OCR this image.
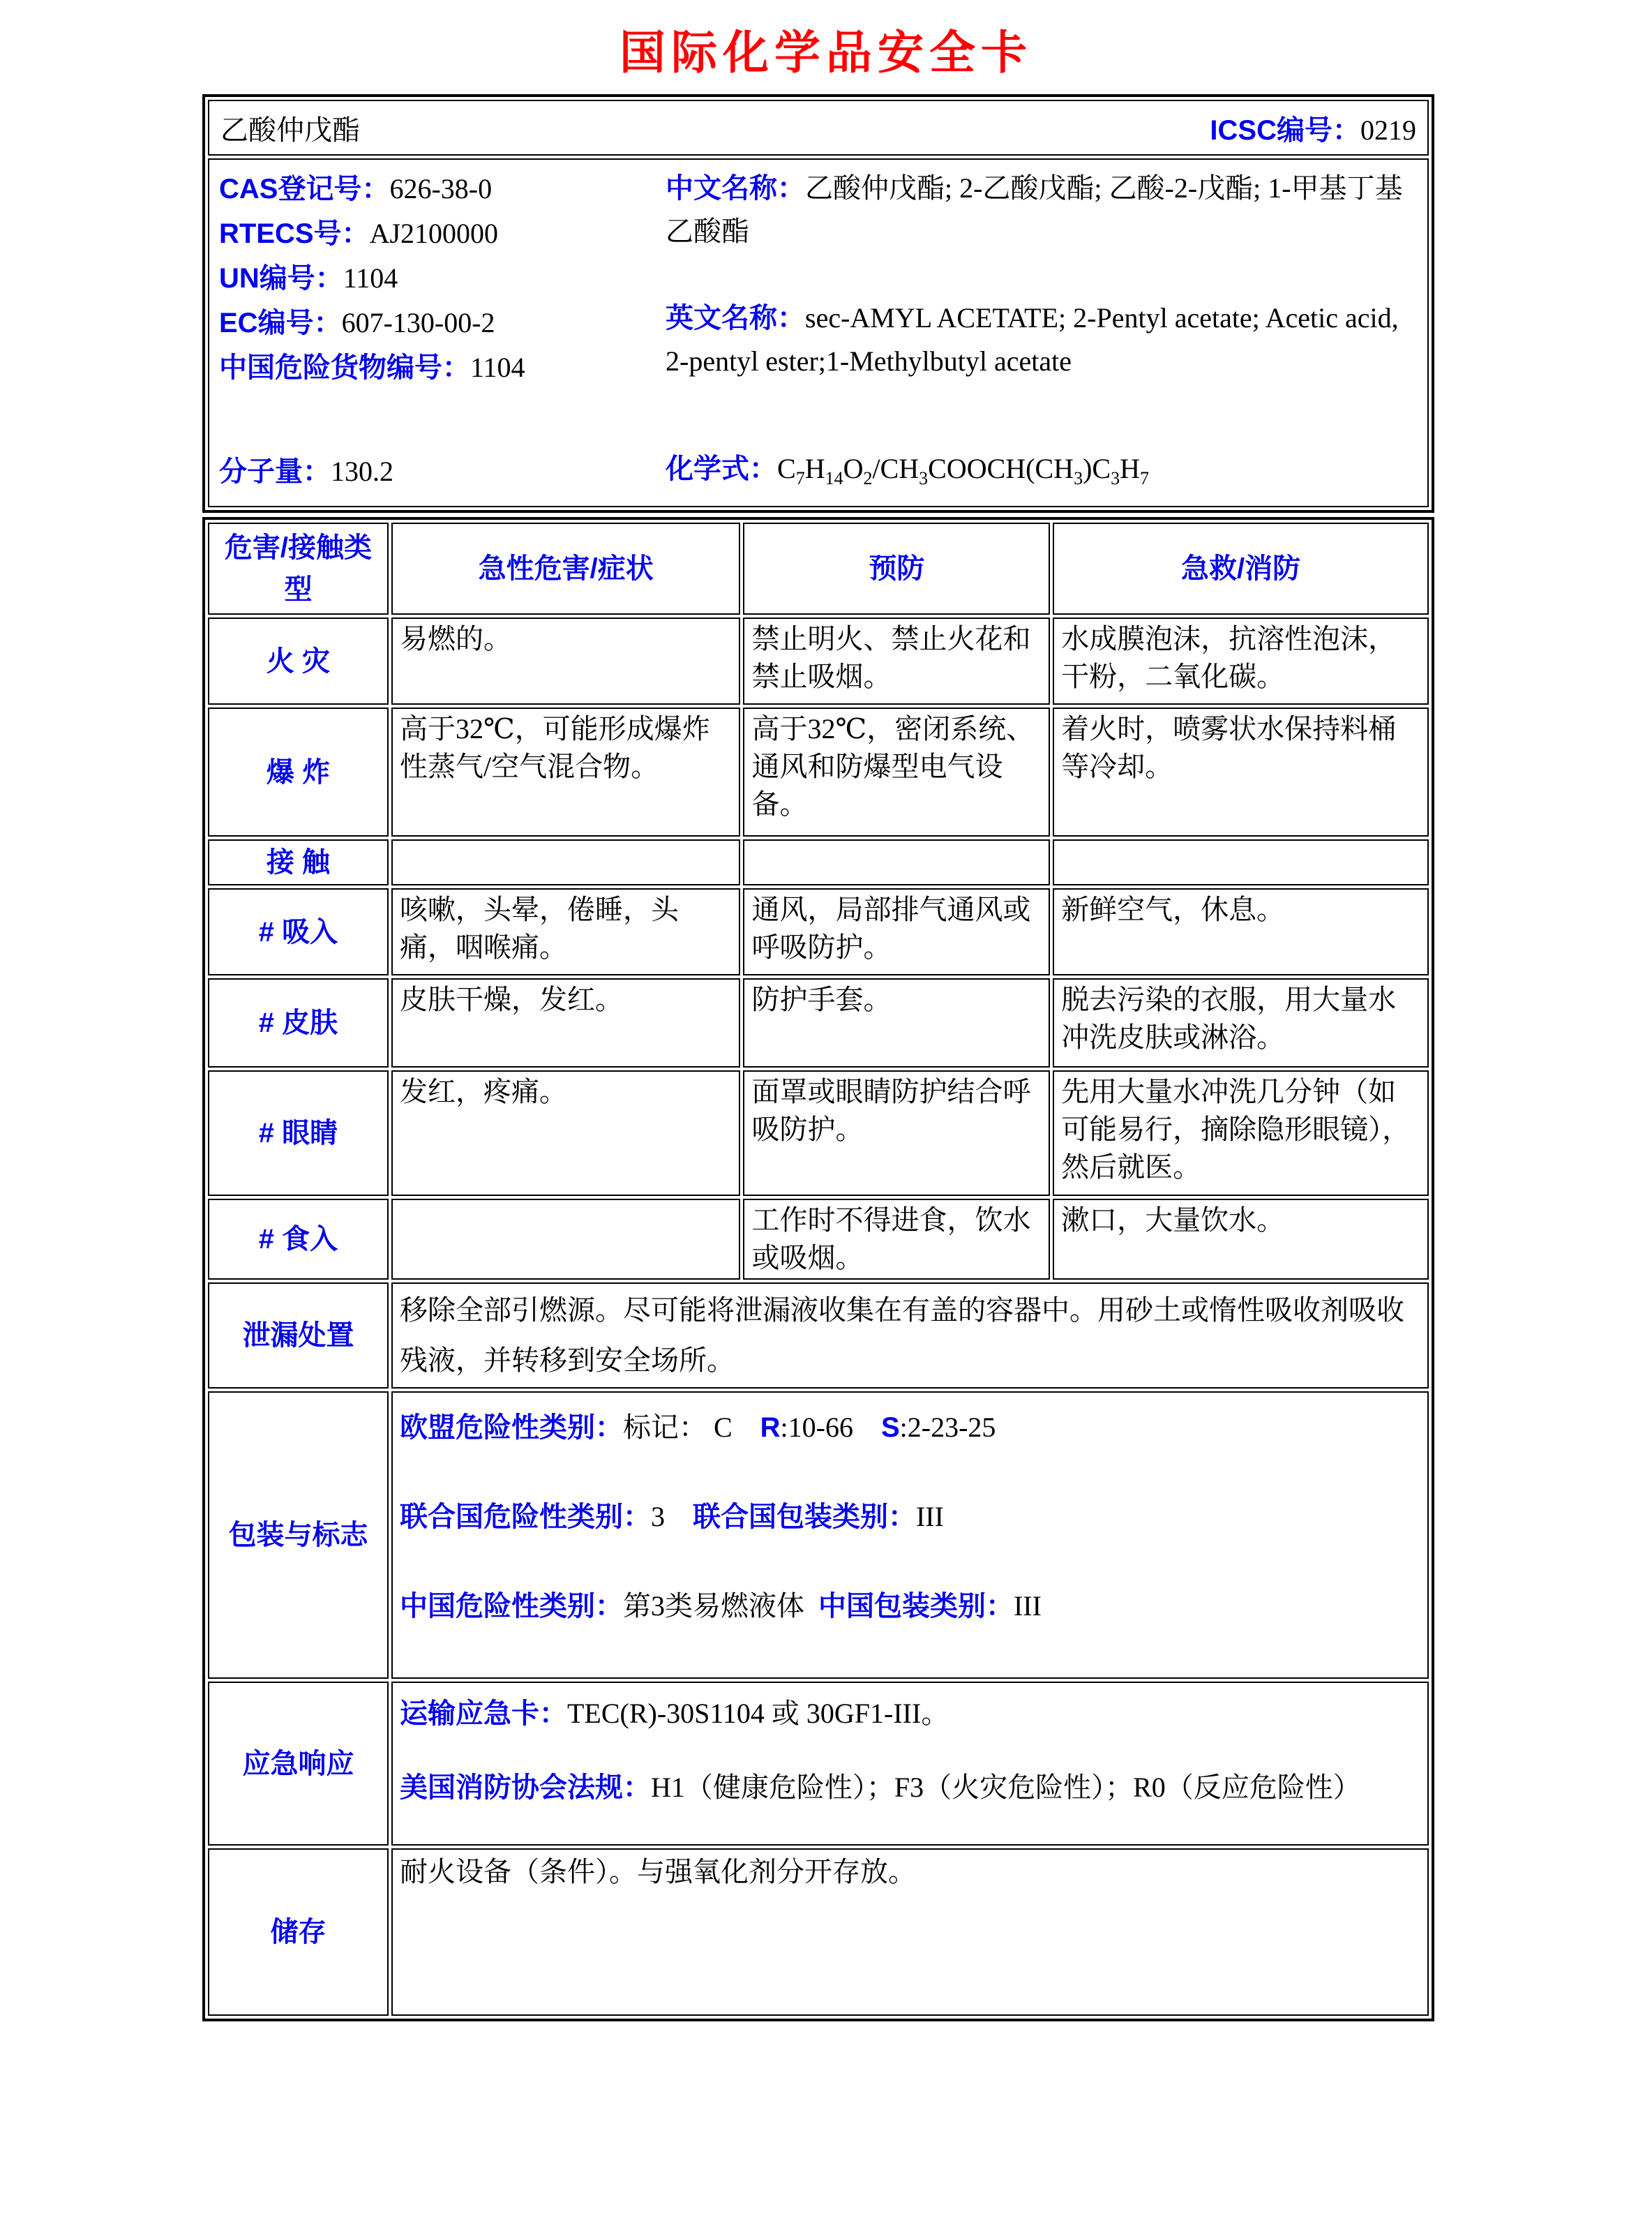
国际化学品安全卡
乙酸仲戊酯	ICSC编号：0219

CAS登记号：626-38-0
RTECS号：AJ2100000
UN编号：1104
EC编号：607-130-00-2
中国危险货物编号：1104
分子量：130.2

中文名称：乙酸仲戊酯; 2-乙酸戊酯; 乙酸-2-戊酯; 1-甲基丁基乙酸酯

英文名称：sec-AMYL ACETATE; 2-Pentyl acetate; Acetic acid, 2-pentyl ester;1-Methylbutyl acetate

化学式：$C_7H_{14}O_2/CH_3COOCH(CH_3)C_3H_7$
危害/接触类型	急性危害/症状	预防	急救/消防
火 灾	易燃的。	禁止明火、禁止火花和禁止吸烟。	水成膜泡沫，抗溶性泡沫，干粉，二氧化碳。
爆 炸	高于32℃，可能形成爆炸性蒸气/空气混合物。	高于32℃，密闭系统、通风和防爆型电气设备。	着火时，喷雾状水保持料桶等冷却。
接 触			
# 吸入	咳嗽，头晕，倦睡，头痛，咽喉痛。	通风，局部排气通风或呼吸防护。	新鲜空气，休息。
# 皮肤	皮肤干燥，发红。	防护手套。	脱去污染的衣服，用大量水冲洗皮肤或淋浴。
# 眼睛	发红，疼痛。	面罩或眼睛防护结合呼吸防护。	先用大量水冲洗几分钟（如可能易行，摘除隐形眼镜），然后就医。
# 食入		工作时不得进食，饮水或吸烟。	漱口，大量饮水。
泄漏处置	移除全部引燃源。尽可能将泄漏液收集在有盖的容器中。用砂土或惰性吸收剂吸收残液，并转移到安全场所。		

包装与标志	欧盟危险性类别：标记： C    R:10-66    S:2-23-25
联合国危险性类别：3    联合国包装类别：III
中国危险性类别：第3类易燃液体  中国包装类别：III		

应急响应	运输应急卡：TEC(R)-30S1104 或 30GF1-III。
美国消防协会法规：H1（健康危险性）；F3（火灾危险性）；R0（反应危险性）		

储存	耐火设备（条件）。与强氧化剂分开存放。		
